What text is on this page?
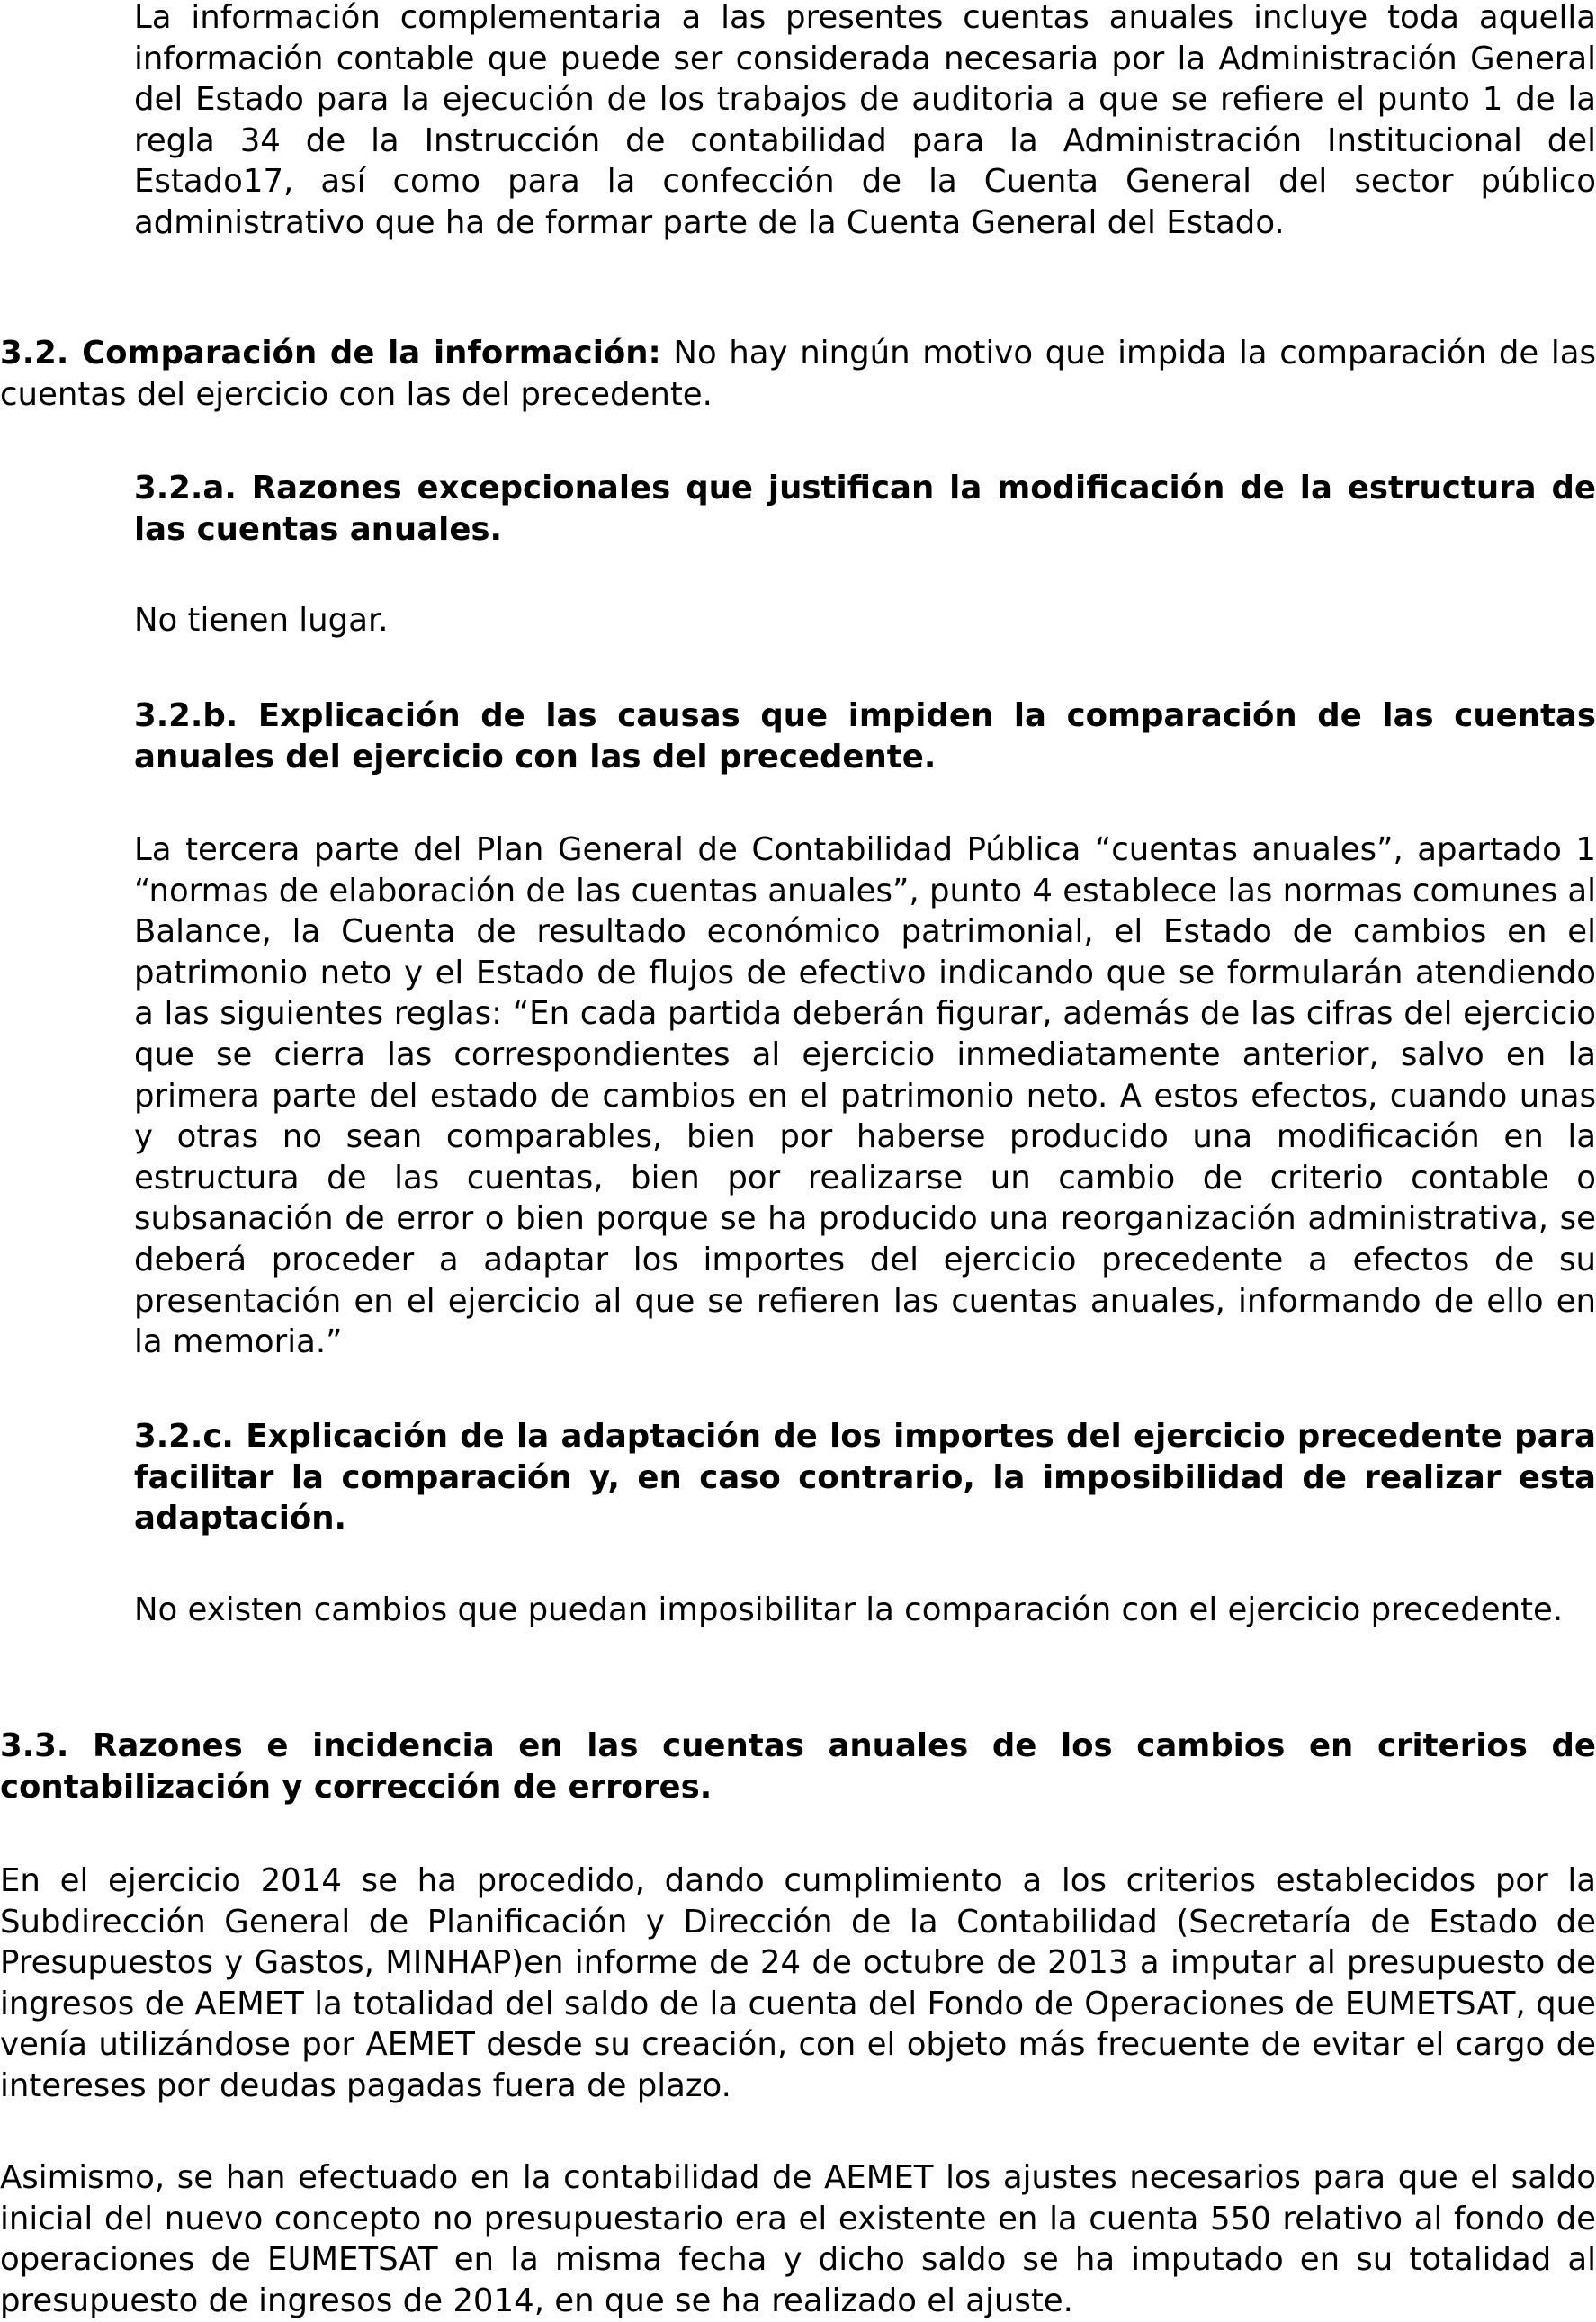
La información complementaria a las presentes cuentas anuales incluye toda aquella información contable que puede ser considerada necesaria por la Administración General del Estado para la ejecución de los trabajos de auditoria a que se refiere el punto 1 de la regla 34 de la Instrucción de contabilidad para la Administración Institucional del Estado17, así como para la confección de la Cuenta General del sector público administrativo que ha de formar parte de la Cuenta General del Estado.

3.2. Comparación de la información: No hay ningún motivo que impida la comparación de las cuentas del ejercicio con las del precedente.

3.2.a. Razones excepcionales que justifican la modificación de la estructura de las cuentas anuales.

No tienen lugar.

3.2.b. Explicación de las causas que impiden la comparación de las cuentas anuales del ejercicio con las del precedente.

La tercera parte del Plan General de Contabilidad Pública “cuentas anuales”, apartado 1 “normas de elaboración de las cuentas anuales”, punto 4 establece las normas comunes al Balance, la Cuenta de resultado económico patrimonial, el Estado de cambios en el patrimonio neto y el Estado de flujos de efectivo indicando que se formularán atendiendo a las siguientes reglas: “En cada partida deberán figurar, además de las cifras del ejercicio que se cierra las correspondientes al ejercicio inmediatamente anterior, salvo en la primera parte del estado de cambios en el patrimonio neto. A estos efectos, cuando unas y otras no sean comparables, bien por haberse producido una modificación en la estructura de las cuentas, bien por realizarse un cambio de criterio contable o subsanación de error o bien porque se ha producido una reorganización administrativa, se deberá proceder a adaptar los importes del ejercicio precedente a efectos de su presentación en el ejercicio al que se refieren las cuentas anuales, informando de ello en la memoria.”

3.2.c. Explicación de la adaptación de los importes del ejercicio precedente para facilitar la comparación y, en caso contrario, la imposibilidad de realizar esta adaptación.

No existen cambios que puedan imposibilitar la comparación con el ejercicio precedente.

3.3. Razones e incidencia en las cuentas anuales de los cambios en criterios de contabilización y corrección de errores.

En el ejercicio 2014 se ha procedido, dando cumplimiento a los criterios establecidos por la Subdirección General de Planificación y Dirección de la Contabilidad (Secretaría de Estado de Presupuestos y Gastos, MINHAP)en informe de 24 de octubre de 2013 a imputar al presupuesto de ingresos de AEMET la totalidad del saldo de la cuenta del Fondo de Operaciones de EUMETSAT, que venía utilizándose por AEMET desde su creación, con el objeto más frecuente de evitar el cargo de intereses por deudas pagadas fuera de plazo.

Asimismo, se han efectuado en la contabilidad de AEMET los ajustes necesarios para que el saldo inicial del nuevo concepto no presupuestario era el existente en la cuenta 550 relativo al fondo de operaciones de EUMETSAT en la misma fecha y dicho saldo se ha imputado en su totalidad al presupuesto de ingresos de 2014, en que se ha realizado el ajuste.
